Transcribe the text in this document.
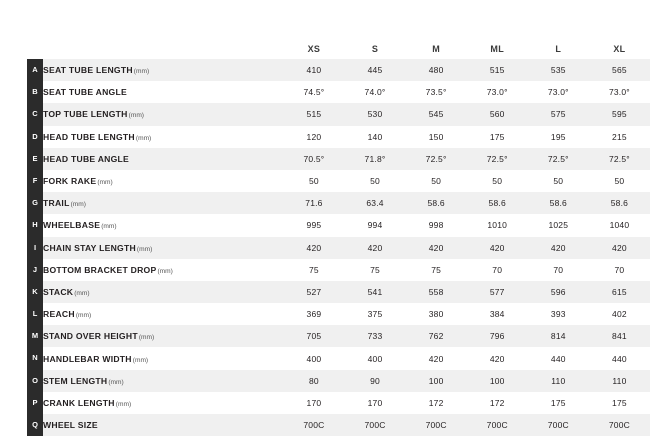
		XS	S	M	ML	L	XL

A	SEAT TUBE LENGTH(mm)	410	445	480	515	535	565

B	SEAT TUBE ANGLE	74.5°	74.0°	73.5°	73.0°	73.0°	73.0°

C	TOP TUBE LENGTH(mm)	515	530	545	560	575	595

D	HEAD TUBE LENGTH(mm)	120	140	150	175	195	215

E	HEAD TUBE ANGLE	70.5°	71.8°	72.5°	72.5°	72.5°	72.5°

F	FORK RAKE(mm)	50	50	50	50	50	50

G	TRAIL(mm)	71.6	63.4	58.6	58.6	58.6	58.6

H	WHEELBASE(mm)	995	994	998	1010	1025	1040

I	CHAIN STAY LENGTH(mm)	420	420	420	420	420	420

J	BOTTOM BRACKET DROP(mm)	75	75	75	70	70	70

K	STACK(mm)	527	541	558	577	596	615

L	REACH(mm)	369	375	380	384	393	402

M	STAND OVER HEIGHT(mm)	705	733	762	796	814	841

N	HANDLEBAR WIDTH(mm)	400	400	420	420	440	440

O	STEM LENGTH(mm)	80	90	100	100	110	110

P	CRANK LENGTH(mm)	170	170	172	172	175	175

Q	WHEEL SIZE	700C	700C	700C	700C	700C	700C
